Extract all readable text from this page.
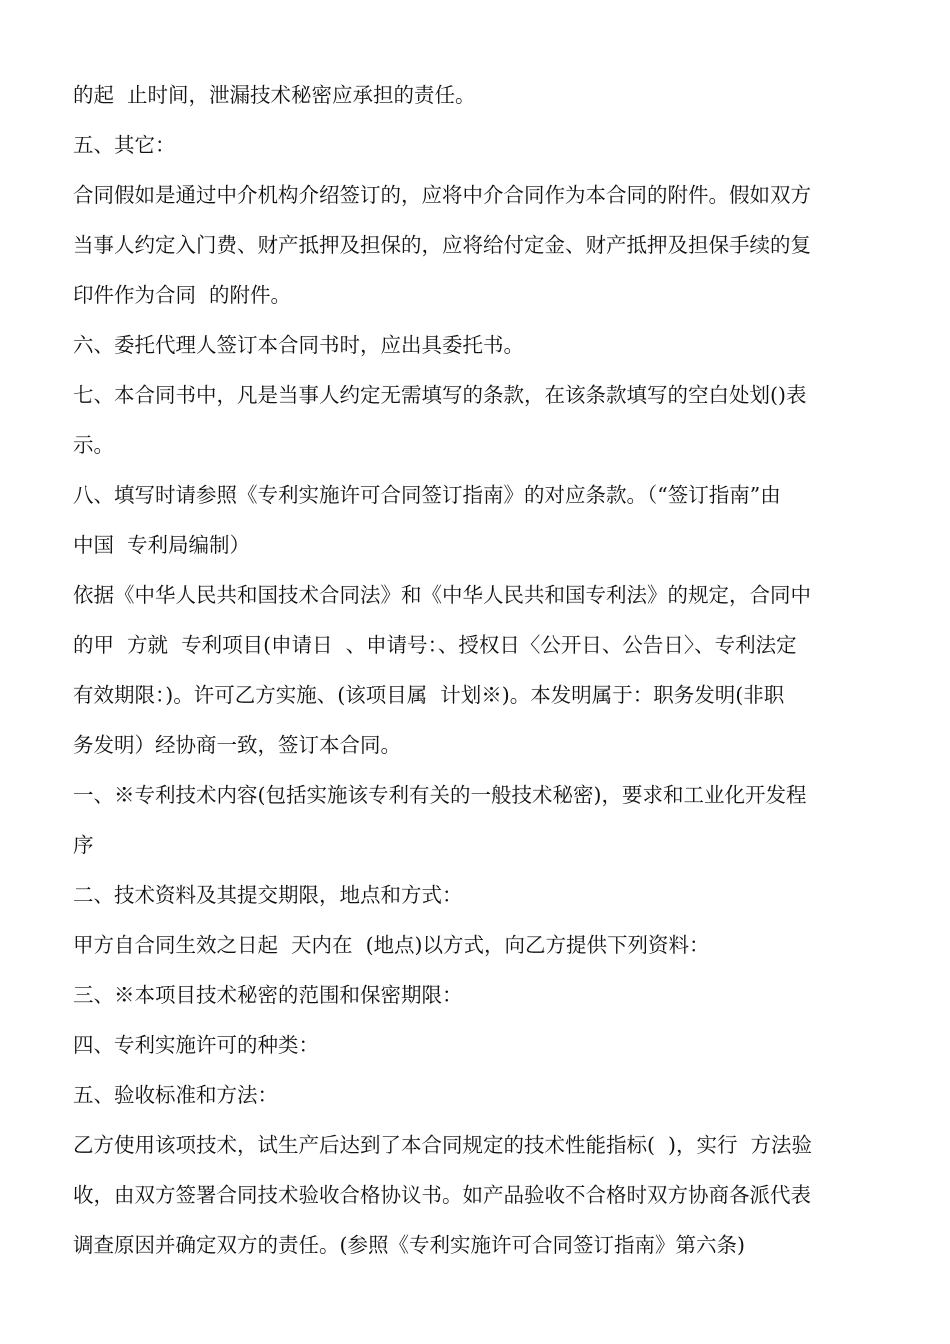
的起  止时间，泄漏技术秘密应承担的责任。
五、其它：
合同假如是通过中介机构介绍签订的，应将中介合同作为本合同的附件。假如双方
当事人约定入门费、财产抵押及担保的，应将给付定金、财产抵押及担保手续的复
印件作为合同  的附件。
六、委托代理人签订本合同书时，应出具委托书。
七、本合同书中，凡是当事人约定无需填写的条款，在该条款填写的空白处划()表
示。
八、填写时请参照《专利实施许可合同签订指南》的对应条款。（“签订指南”由
中国  专利局编制）
依据《中华人民共和国技术合同法》和《中华人民共和国专利法》的规定，合同中
的甲  方就  专利项目(申请日  、申请号：、授权日〈公开日、公告日〉、专利法定
有效期限：)。许可乙方实施、(该项目属  计划※)。本发明属于：职务发明(非职
务发明）经协商一致，签订本合同。
一、※专利技术内容(包括实施该专利有关的一般技术秘密)，要求和工业化开发程
序
二、技术资料及其提交期限，地点和方式：
甲方自合同生效之日起  天内在  (地点)以方式，向乙方提供下列资料：
三、※本项目技术秘密的范围和保密期限：
四、专利实施许可的种类：
五、验收标准和方法：
乙方使用该项技术，试生产后达到了本合同规定的技术性能指标(  )，实行  方法验
收，由双方签署合同技术验收合格协议书。如产品验收不合格时双方协商各派代表
调查原因并确定双方的责任。(参照《专利实施许可合同签订指南》第六条)
